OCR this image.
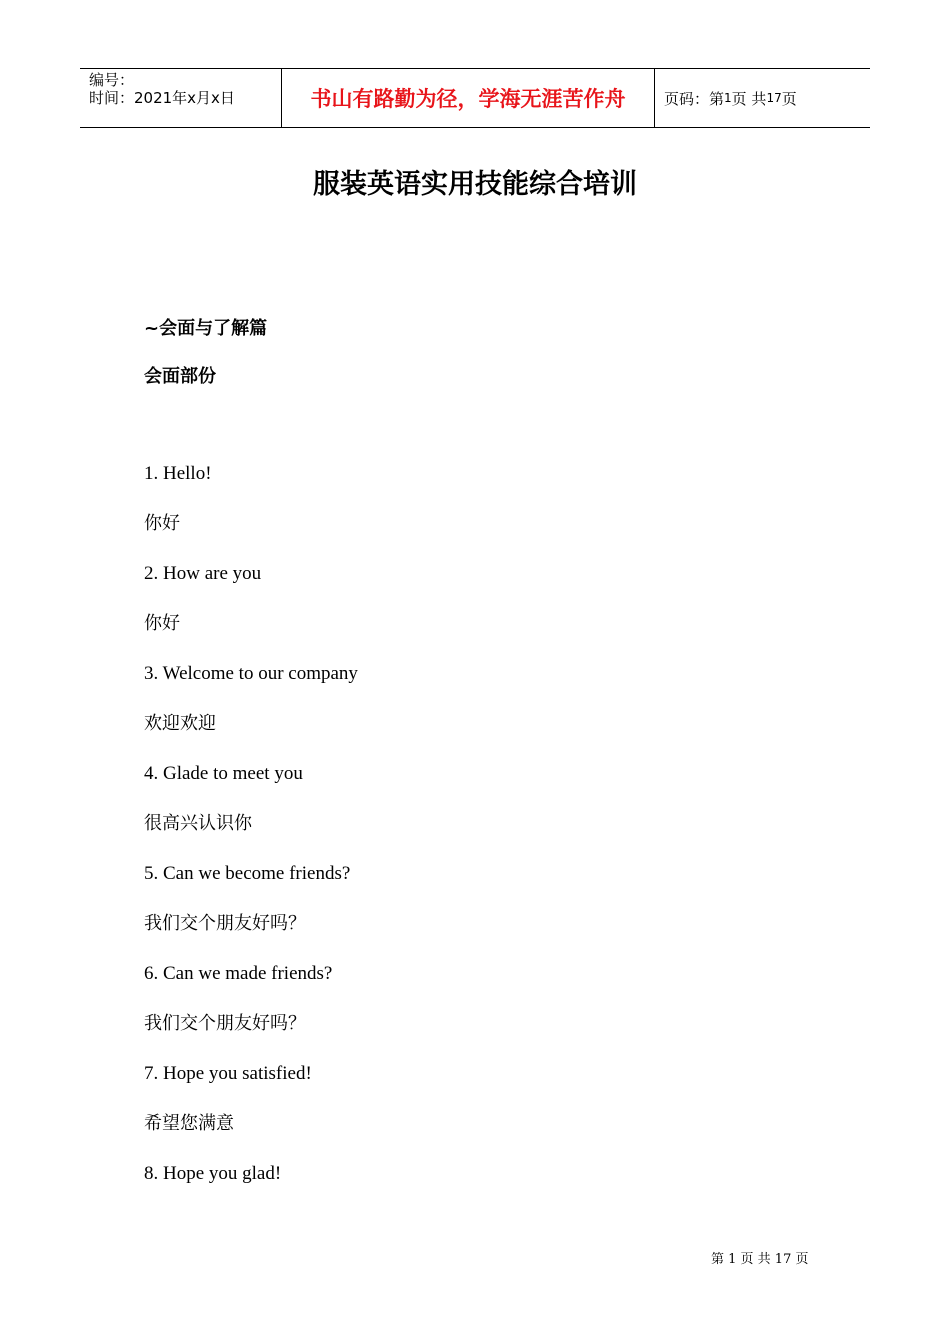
编号：
时间：2021年x月x日	书山有路勤为径，学海无涯苦作舟	页码：第 1 页 共 17 页
服装英语实用技能综合培训
~会面与了解篇
会面部份
1. Hello!
你好
2. How are you
你好
3. Welcome to our company
欢迎欢迎
4. Glade to meet you
很高兴认识你
5. Can we become friends?
我们交个朋友好吗？
6. Can we made friends?
我们交个朋友好吗？
7. Hope you satisfied!
希望您满意
8. Hope you glad!
第 1 页 共 17 页
